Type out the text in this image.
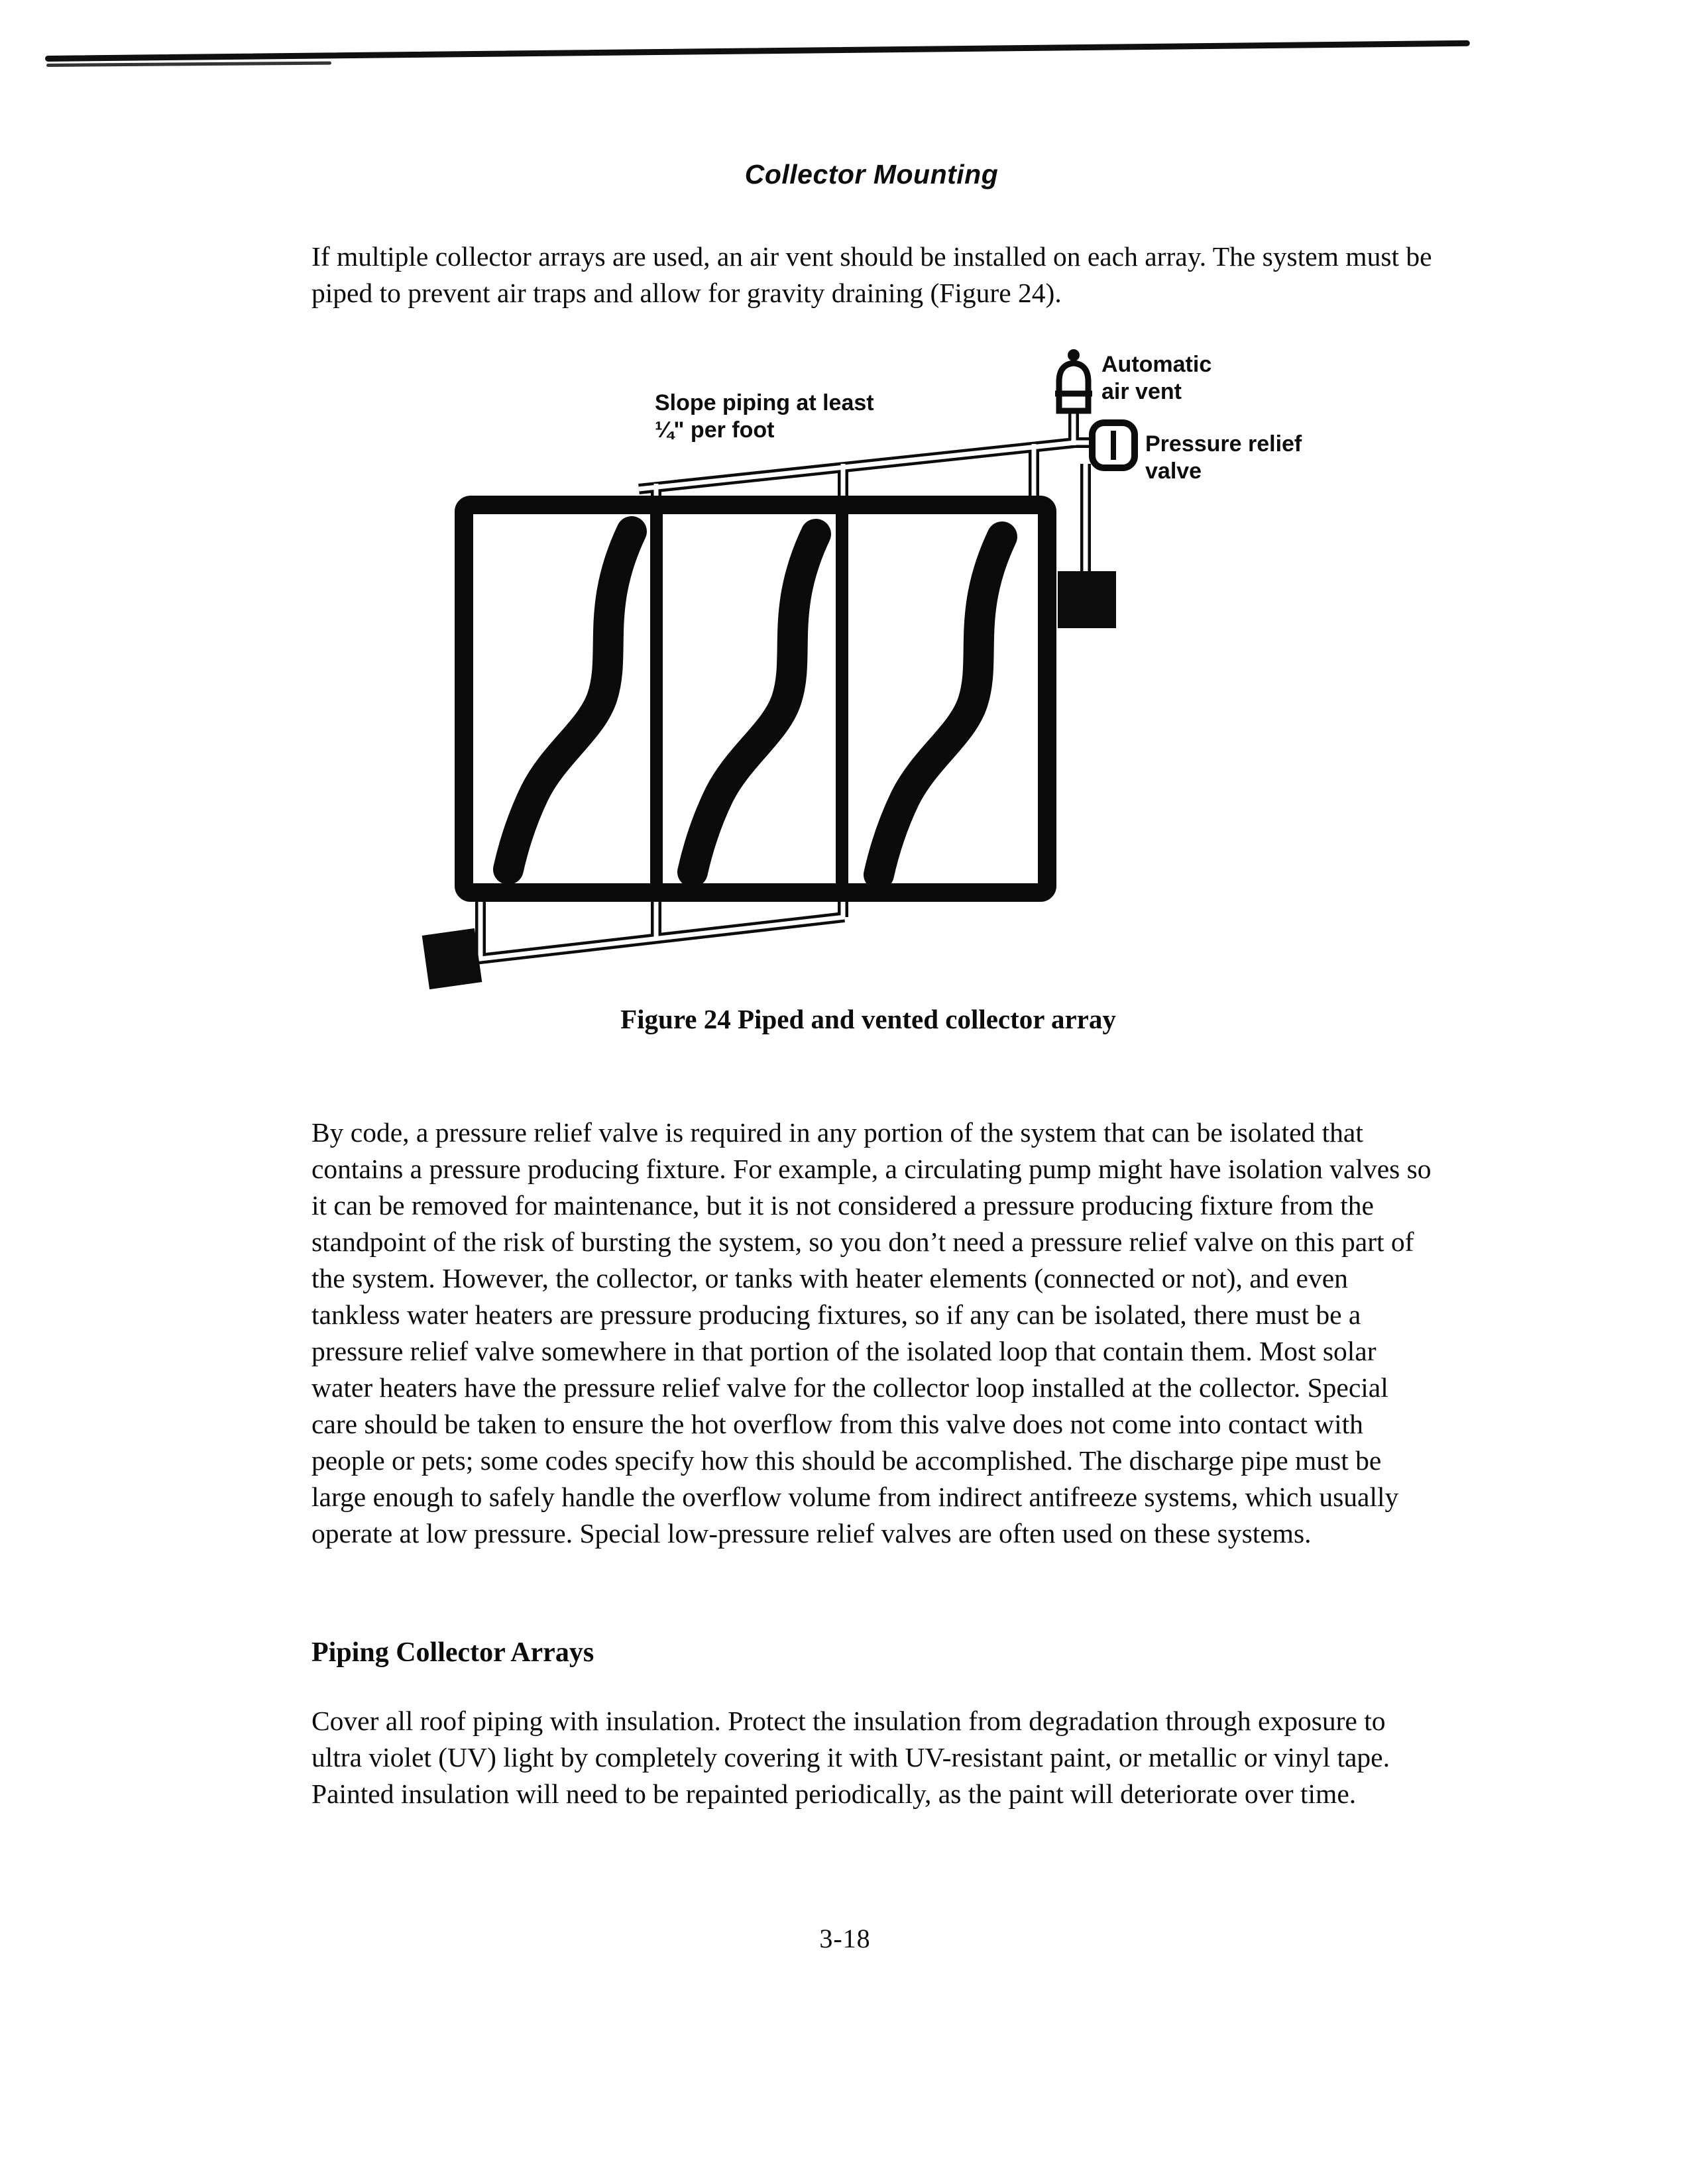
Collector Mounting
If multiple collector arrays are used, an air vent should be installed on each array. The system must be piped to prevent air traps and allow for gravity draining (Figure 24).
Slope piping at least
¼" per foot
Automatic
air vent
Pressure relief
valve
Figure 24 Piped and vented collector array
By code, a pressure relief valve is required in any portion of the system that can be isolated that contains a pressure producing fixture. For example, a circulating pump might have isolation valves so it can be removed for maintenance, but it is not considered a pressure producing fixture from the standpoint of the risk of bursting the system, so you don’t need a pressure relief valve on this part of the system. However, the collector, or tanks with heater elements (connected or not), and even tankless water heaters are pressure producing fixtures, so if any can be isolated, there must be a pressure relief valve somewhere in that portion of the isolated loop that contain them. Most solar water heaters have the pressure relief valve for the collector loop installed at the collector. Special care should be taken to ensure the hot overflow from this valve does not come into contact with people or pets; some codes specify how this should be accomplished. The discharge pipe must be large enough to safely handle the overflow volume from indirect antifreeze systems, which usually operate at low pressure. Special low-pressure relief valves are often used on these systems.
Piping Collector Arrays
Cover all roof piping with insulation. Protect the insulation from degradation through exposure to ultra violet (UV) light by completely covering it with UV-resistant paint, or metallic or vinyl tape. Painted insulation will need to be repainted periodically, as the paint will deteriorate over time.
3-18
